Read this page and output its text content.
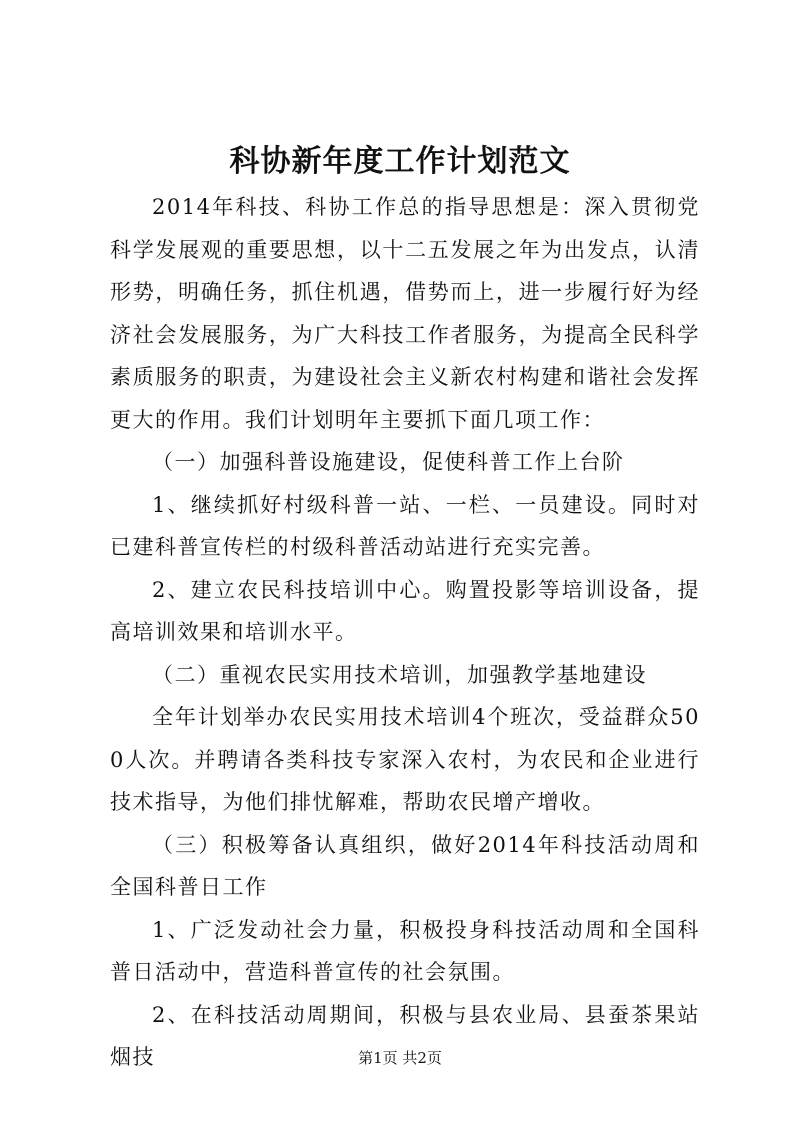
科协新年度工作计划范文

2014年科技、科协工作总的指导思想是：深入贯彻党科学发展观的重要思想，以十二五发展之年为出发点，认清形势，明确任务，抓住机遇，借势而上，进一步履行好为经济社会发展服务，为广大科技工作者服务，为提高全民科学素质服务的职责，为建设社会主义新农村构建和谐社会发挥更大的作用。我们计划明年主要抓下面几项工作：

（一）加强科普设施建设，促使科普工作上台阶

1、继续抓好村级科普一站、一栏、一员建设。同时对已建科普宣传栏的村级科普活动站进行充实完善。

2、建立农民科技培训中心。购置投影等培训设备，提高培训效果和培训水平。

（二）重视农民实用技术培训，加强教学基地建设

全年计划举办农民实用技术培训4个班次，受益群众500人次。并聘请各类科技专家深入农村，为农民和企业进行技术指导，为他们排忧解难，帮助农民增产增收。

（三）积极筹备认真组织，做好2014年科技活动周和全国科普日工作

1、广泛发动社会力量，积极投身科技活动周和全国科普日活动中，营造科普宣传的社会氛围。

2、在科技活动周期间，积极与县农业局、县蚕茶果站烟技	第1页 共2页
